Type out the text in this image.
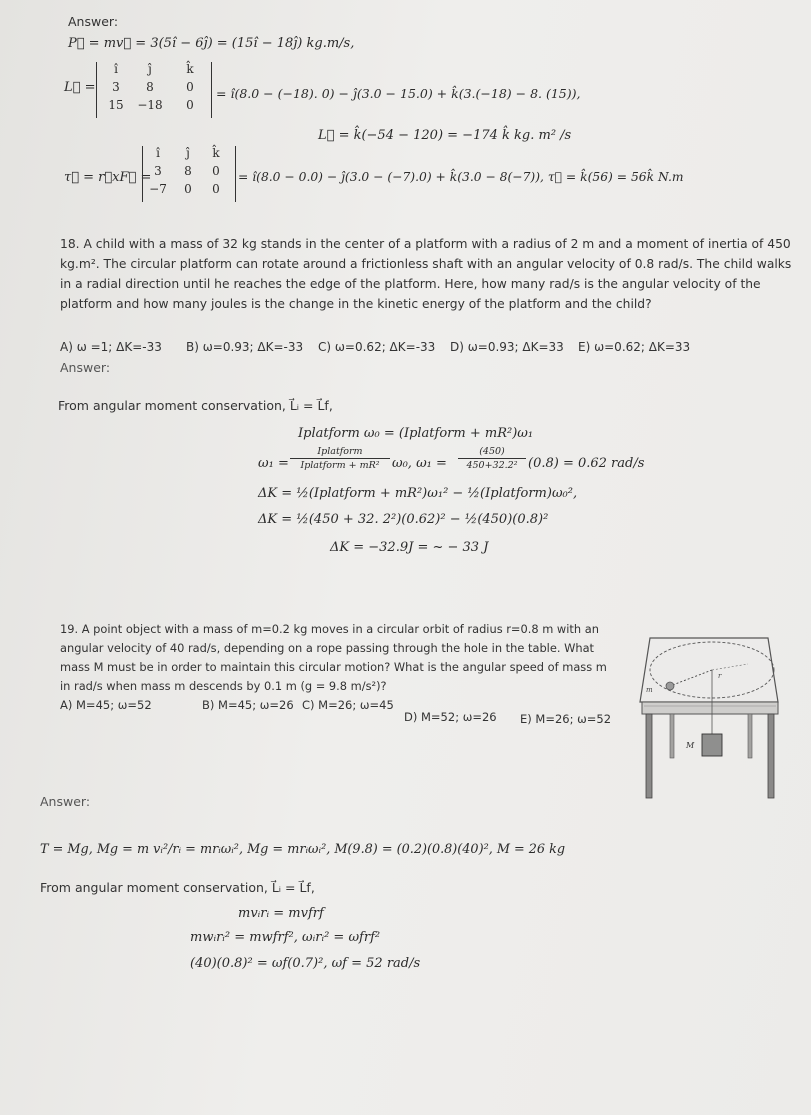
Answer:
P⃗ = mv⃗ = 3(5î − 6ĵ) = (15î − 18ĵ) kg.m/s,
L⃗ =
î	ĵ	k̂
3	8	0
15	−18	0
= î(8.0 − (−18). 0) − ĵ(3.0 − 15.0) + k̂(3.(−18) − 8. (15)),
L⃗ = k̂(−54 − 120) = −174 k̂ kg. m² /s
τ⃗ = r⃗xF⃗ =
î	ĵ	k̂
3	8	0
−7	0	0
= î(8.0 − 0.0) − ĵ(3.0 − (−7).0) + k̂(3.0 − 8(−7)), τ⃗ = k̂(56) = 56k̂ N.m
18. A child with a mass of 32 kg stands in the center of a platform with a radius of 2 m and a moment of inertia of 450
kg.m². The circular platform can rotate around a frictionless shaft with an angular velocity of 0.8 rad/s. The child walks
in a radial direction until he reaches the edge of the platform. Here, how many rad/s is the angular velocity of the
platform and how many joules is the change in the kinetic energy of the platform and the child?
A) ω =1; ΔK=-33 B) ω=0.93; ΔK=-33 C) ω=0.62; ΔK=-33 D) ω=0.93; ΔK=33 E) ω=0.62; ΔK=33
Answer:
From angular moment conservation, L⃗ᵢ = L⃗f,
Iplatform ω₀ = (Iplatform + mR²)ω₁
ω₁ =
Iplatform
Iplatform + mR² ω₀, ω₁ =
(450)
450+32.2² (0.8) = 0.62 rad/s
ΔK = ½(Iplatform + mR²)ω₁² − ½(Iplatform)ω₀²,
ΔK = ½(450 + 32. 2²)(0.62)² − ½(450)(0.8)²
ΔK = −32.9J = ~ − 33 J
19. A point object with a mass of m=0.2 kg moves in a circular orbit of radius r=0.8 m with an
angular velocity of 40 rad/s, depending on a rope passing through the hole in the table. What
mass M must be in order to maintain this circular motion? What is the angular speed of mass m
in rad/s when mass m descends by 0.1 m (g = 9.8 m/s²)?
A) M=45; ω=52	B) M=45; ω=26 C) M=26; ω=45
D) M=52; ω=26 E) M=26; ω=52
m
r
M
Answer:
T = Mg, Mg = m vᵢ²/rᵢ = mrᵢωᵢ², Mg = mrᵢωᵢ², M(9.8) = (0.2)(0.8)(40)², M = 26 kg
From angular moment conservation, L⃗ᵢ = L⃗f,
mvᵢrᵢ = mvfrf
mwᵢrᵢ² = mwfrf², ωᵢrᵢ² = ωfrf²
(40)(0.8)² = ωf(0.7)², ωf = 52 rad/s
